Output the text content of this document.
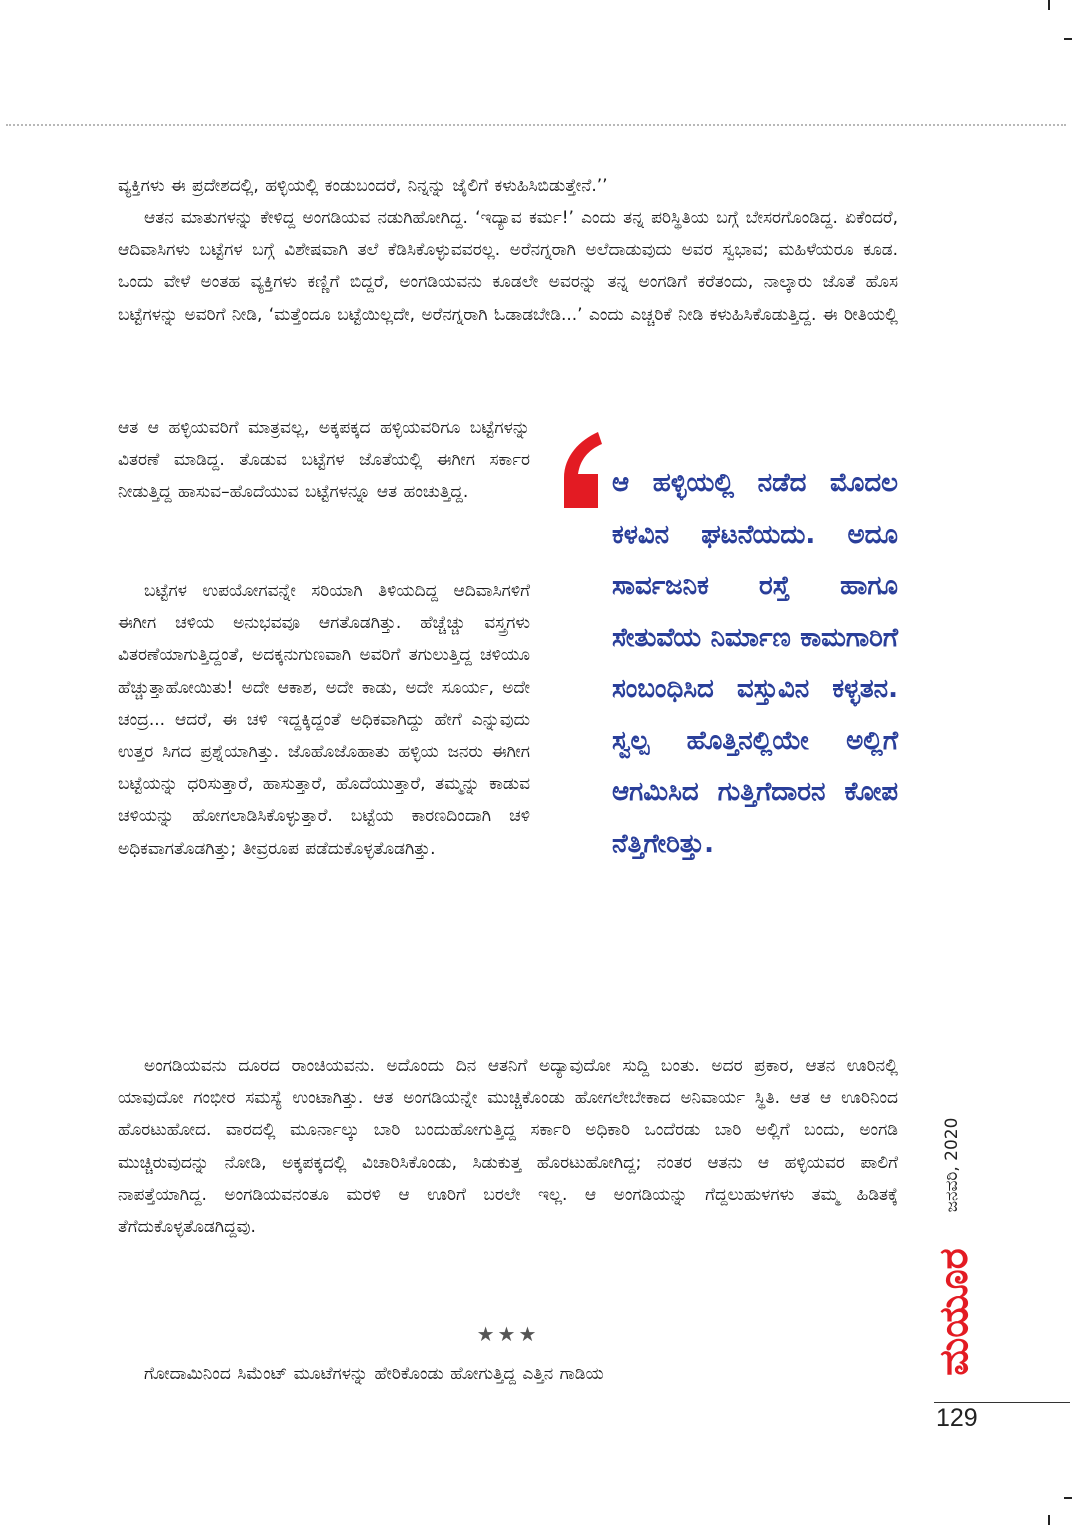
ವ್ಯಕ್ತಿಗಳು ಈ ಪ್ರದೇಶದಲ್ಲಿ, ಹಳ್ಳಿಯಲ್ಲಿ ಕಂಡುಬಂದರೆ, ನಿನ್ನನ್ನು ಜೈಲಿಗೆ ಕಳುಹಿಸಿಬಿಡುತ್ತೇನೆ.’’

ಆತನ ಮಾತುಗಳನ್ನು ಕೇಳಿದ್ದ ಅಂಗಡಿಯವ ನಡುಗಿಹೋಗಿದ್ದ. ‘ಇದ್ಯಾವ ಕರ್ಮ!’ ಎಂದು ತನ್ನ ಪರಿಸ್ಥಿತಿಯ ಬಗ್ಗೆ ಬೇಸರಗೊಂಡಿದ್ದ. ಏಕೆಂದರೆ, ಆದಿವಾಸಿಗಳು ಬಟ್ಟೆಗಳ ಬಗ್ಗೆ ವಿಶೇಷವಾಗಿ ತಲೆ ಕೆಡಿಸಿಕೊಳ್ಳುವವರಲ್ಲ. ಅರೆನಗ್ನರಾಗಿ ಅಲೆದಾಡುವುದು ಅವರ ಸ್ವಭಾವ; ಮಹಿಳೆಯರೂ ಕೂಡ. ಒಂದು ವೇಳೆ ಅಂತಹ ವ್ಯಕ್ತಿಗಳು ಕಣ್ಣಿಗೆ ಬಿದ್ದರೆ, ಅಂಗಡಿಯವನು ಕೂಡಲೇ ಅವರನ್ನು ತನ್ನ ಅಂಗಡಿಗೆ ಕರೆತಂದು, ನಾಲ್ಕಾರು ಜೊತೆ ಹೊಸ ಬಟ್ಟೆಗಳನ್ನು ಅವರಿಗೆ ನೀಡಿ, ‘ಮತ್ತೆಂದೂ ಬಟ್ಟೆಯಿಲ್ಲದೇ, ಅರೆನಗ್ನರಾಗಿ ಓಡಾಡಬೇಡಿ...’ ಎಂದು ಎಚ್ಚರಿಕೆ ನೀಡಿ ಕಳುಹಿಸಿಕೊಡುತ್ತಿದ್ದ. ಈ ರೀತಿಯಲ್ಲಿ

ಆತ ಆ ಹಳ್ಳಿಯವರಿಗೆ ಮಾತ್ರವಲ್ಲ, ಅಕ್ಕಪಕ್ಕದ ಹಳ್ಳಿಯವರಿಗೂ ಬಟ್ಟೆಗಳನ್ನು ವಿತರಣೆ ಮಾಡಿದ್ದ. ತೊಡುವ ಬಟ್ಟೆಗಳ ಜೊತೆಯಲ್ಲಿ ಈಗೀಗ ಸರ್ಕಾರ ನೀಡುತ್ತಿದ್ದ ಹಾಸುವ–ಹೊದೆಯುವ ಬಟ್ಟೆಗಳನ್ನೂ ಆತ ಹಂಚುತ್ತಿದ್ದ.

ಬಟ್ಟೆಗಳ ಉಪಯೋಗವನ್ನೇ ಸರಿಯಾಗಿ ತಿಳಿಯದಿದ್ದ ಆದಿವಾಸಿಗಳಿಗೆ ಈಗೀಗ ಚಳಿಯ ಅನುಭವವೂ ಆಗತೊಡಗಿತ್ತು. ಹೆಚ್ಚೆಚ್ಚು ವಸ್ತ್ರಗಳು ವಿತರಣೆಯಾಗುತ್ತಿದ್ದಂತೆ, ಅದಕ್ಕನುಗುಣವಾಗಿ ಅವರಿಗೆ ತಗುಲುತ್ತಿದ್ದ ಚಳಿಯೂ ಹೆಚ್ಚುತ್ತಾಹೋಯಿತು! ಅದೇ ಆಕಾಶ, ಅದೇ ಕಾಡು, ಅದೇ ಸೂರ್ಯ, ಅದೇ ಚಂದ್ರ... ಆದರೆ, ಈ ಚಳಿ ಇದ್ದಕ್ಕಿದ್ದಂತೆ ಅಧಿಕವಾಗಿದ್ದು ಹೇಗೆ ಎನ್ನುವುದು ಉತ್ತರ ಸಿಗದ ಪ್ರಶ್ನೆಯಾಗಿತ್ತು. ಜೊಹೊಜೊಹಾತು ಹಳ್ಳಿಯ ಜನರು ಈಗೀಗ ಬಟ್ಟೆಯನ್ನು ಧರಿಸುತ್ತಾರೆ, ಹಾಸುತ್ತಾರೆ, ಹೊದೆಯುತ್ತಾರೆ, ತಮ್ಮನ್ನು ಕಾಡುವ ಚಳಿಯನ್ನು ಹೋಗಲಾಡಿಸಿಕೊಳ್ಳುತ್ತಾರೆ. ಬಟ್ಟೆಯ ಕಾರಣದಿಂದಾಗಿ ಚಳಿ ಅಧಿಕವಾಗತೊಡಗಿತ್ತು; ತೀವ್ರರೂಪ ಪಡೆದುಕೊಳ್ಳತೊಡಗಿತ್ತು.

ಆ ಹಳ್ಳಿಯಲ್ಲಿ ನಡೆದ ಮೊದಲ ಕಳವಿನ ಘಟನೆಯದು. ಅದೂ ಸಾರ್ವಜನಿಕ ರಸ್ತೆ ಹಾಗೂ ಸೇತುವೆಯ ನಿರ್ಮಾಣ ಕಾಮಗಾರಿಗೆ ಸಂಬಂಧಿಸಿದ ವಸ್ತುವಿನ ಕಳ್ಳತನ. ಸ್ವಲ್ಪ ಹೊತ್ತಿನಲ್ಲಿಯೇ ಅಲ್ಲಿಗೆ ಆಗಮಿಸಿದ ಗುತ್ತಿಗೆದಾರನ ಕೋಪ ನೆತ್ತಿಗೇರಿತ್ತು.

ಅಂಗಡಿಯವನು ದೂರದ ರಾಂಚಿಯವನು. ಅದೊಂದು ದಿನ ಆತನಿಗೆ ಅದ್ಯಾವುದೋ ಸುದ್ದಿ ಬಂತು. ಅದರ ಪ್ರಕಾರ, ಆತನ ಊರಿನಲ್ಲಿ ಯಾವುದೋ ಗಂಭೀರ ಸಮಸ್ಯೆ ಉಂಟಾಗಿತ್ತು. ಆತ ಅಂಗಡಿಯನ್ನೇ ಮುಚ್ಚಿಕೊಂಡು ಹೋಗಲೇಬೇಕಾದ ಅನಿವಾರ್ಯ ಸ್ಥಿತಿ. ಆತ ಆ ಊರಿನಿಂದ ಹೊರಟುಹೋದ. ವಾರದಲ್ಲಿ ಮೂರ್ನಾಲ್ಕು ಬಾರಿ ಬಂದುಹೋಗುತ್ತಿದ್ದ ಸರ್ಕಾರಿ ಅಧಿಕಾರಿ ಒಂದೆರಡು ಬಾರಿ ಅಲ್ಲಿಗೆ ಬಂದು, ಅಂಗಡಿ ಮುಚ್ಚಿರುವುದನ್ನು ನೋಡಿ, ಅಕ್ಕಪಕ್ಕದಲ್ಲಿ ವಿಚಾರಿಸಿಕೊಂಡು, ಸಿಡುಕುತ್ತ ಹೊರಟುಹೋಗಿದ್ದ; ನಂತರ ಆತನು ಆ ಹಳ್ಳಿಯವರ ಪಾಲಿಗೆ ನಾಪತ್ತೆಯಾಗಿದ್ದ. ಅಂಗಡಿಯವನಂತೂ ಮರಳಿ ಆ ಊರಿಗೆ ಬರಲೇ ಇಲ್ಲ. ಆ ಅಂಗಡಿಯನ್ನು ಗೆದ್ದಲುಹುಳಗಳು ತಮ್ಮ ಹಿಡಿತಕ್ಕೆ ತೆಗೆದುಕೊಳ್ಳತೊಡಗಿದ್ದವು.

★★★

ಗೋದಾಮಿನಿಂದ ಸಿಮೆಂಟ್ ಮೂಟೆಗಳನ್ನು ಹೇರಿಕೊಂಡು ಹೋಗುತ್ತಿದ್ದ ಎತ್ತಿನ ಗಾಡಿಯ

ಜನವರಿ, 2020
ಮಯೂರ
129
